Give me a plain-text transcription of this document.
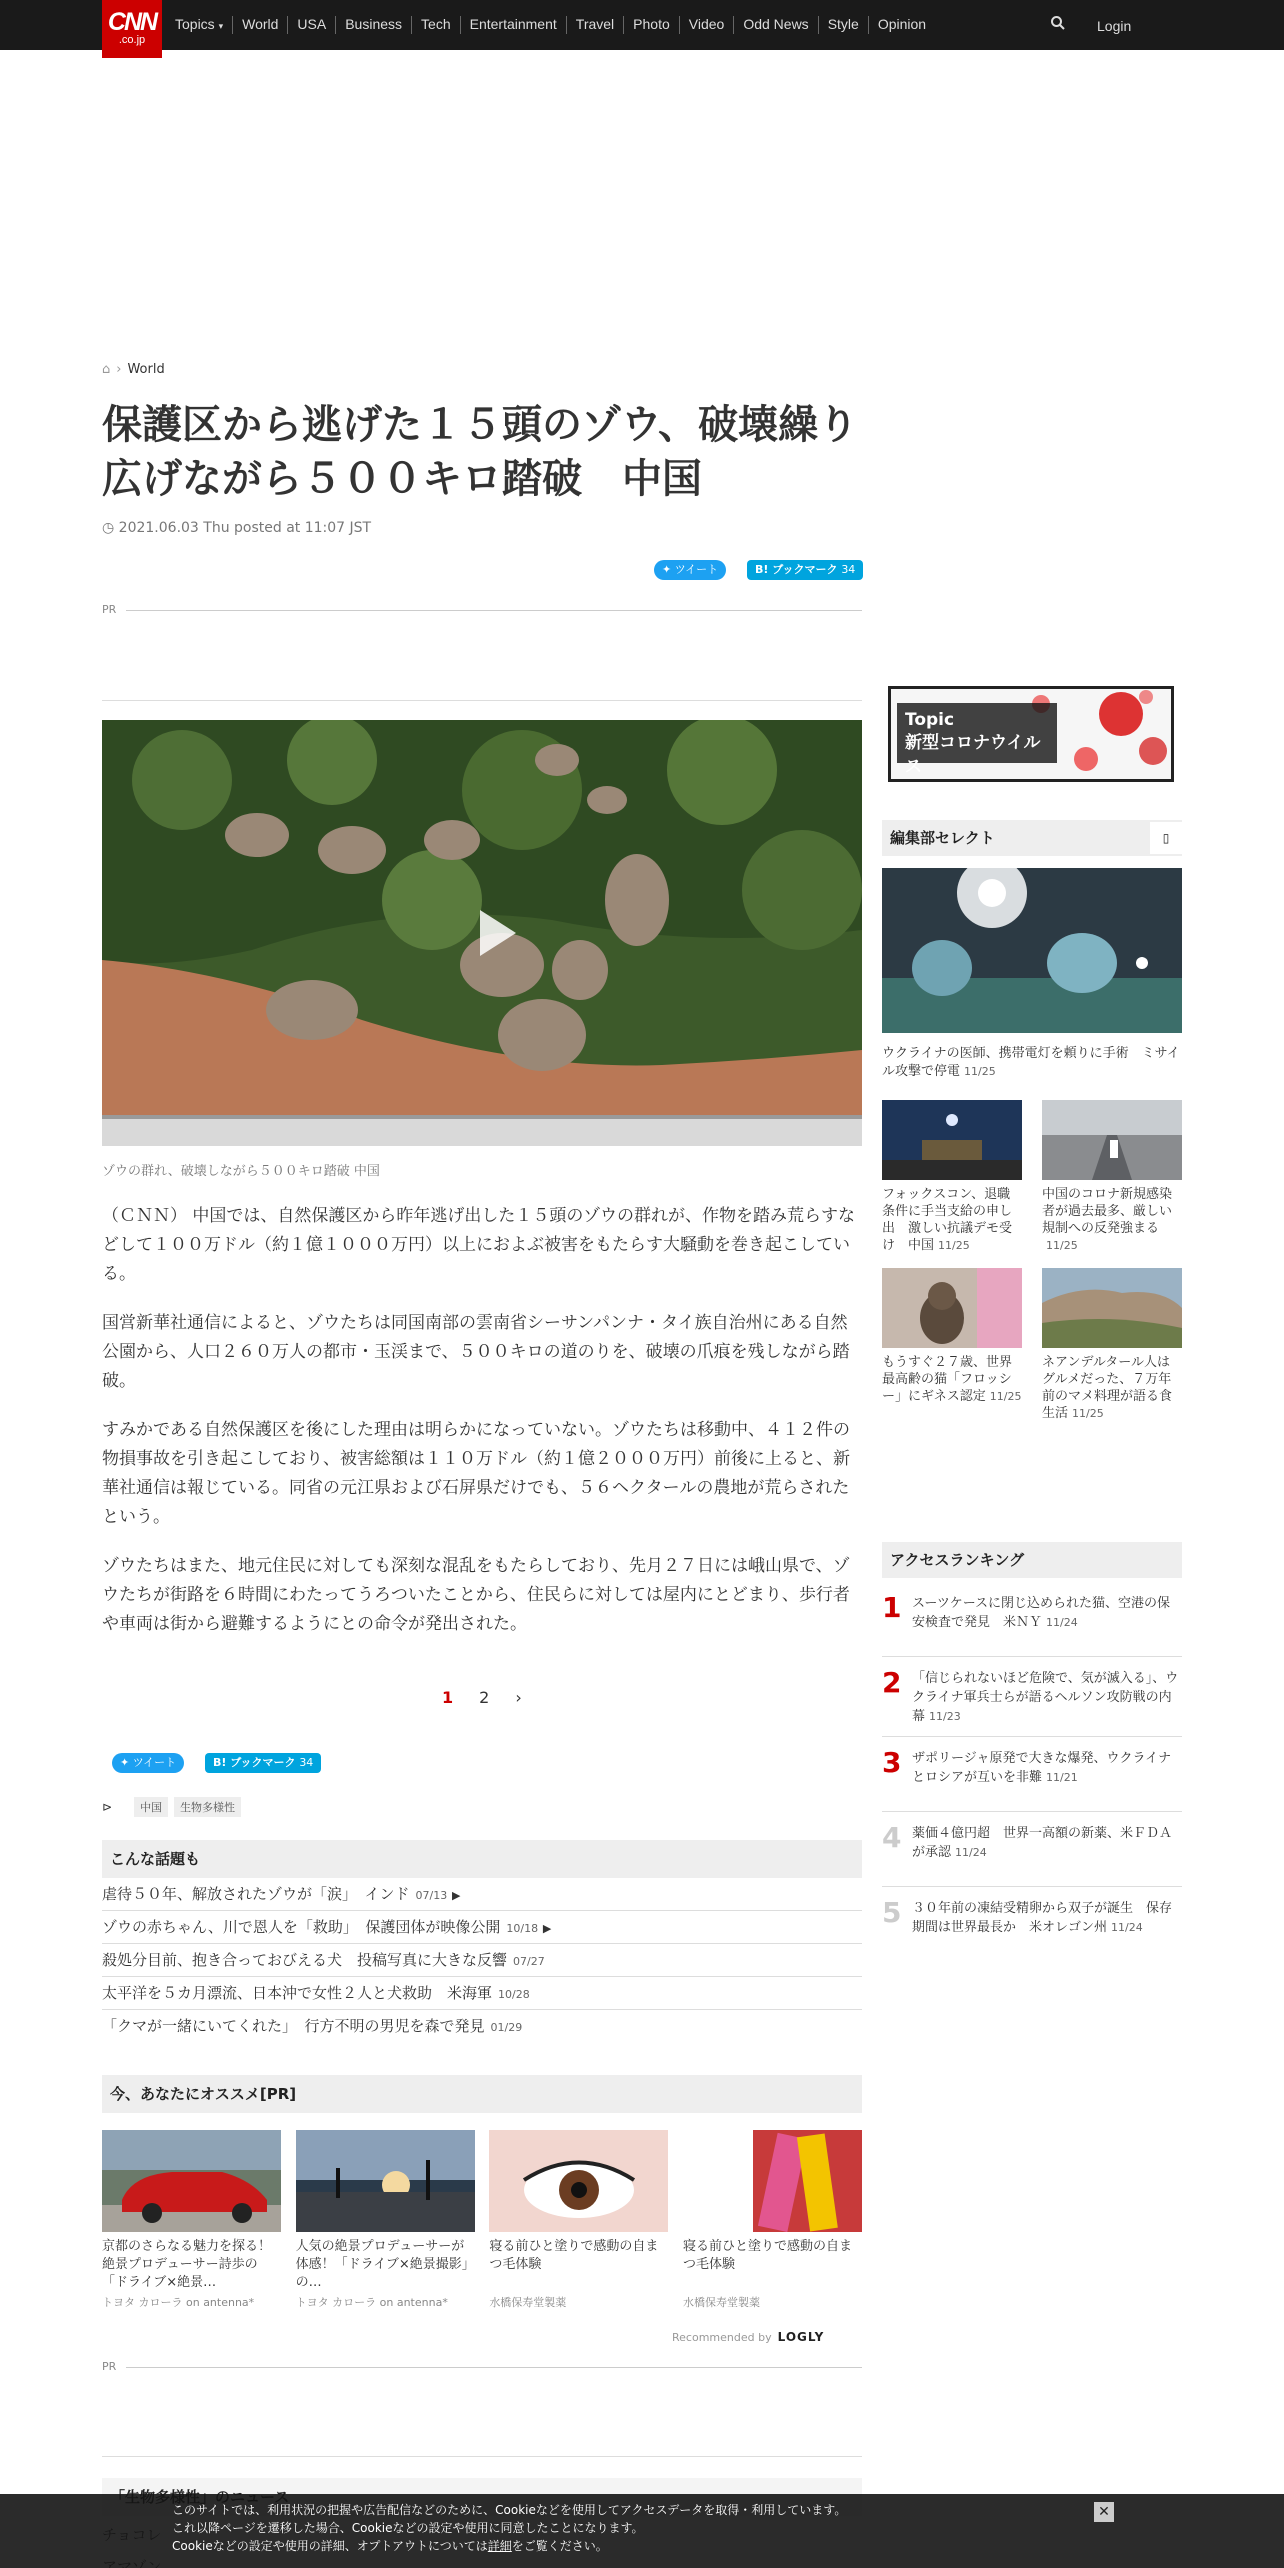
CNN
.co.jp
Topics ▾	World	USA	Business	Tech	Entertainment	Travel	Photo	Video	Odd News	Style	Opinion	Login
⌂ › World
保護区から逃げた１５頭のゾウ、破壊繰り広げながら５００キロ踏破　中国
◷ 2021.06.03 Thu posted at 11:07 JST
✦ ツイート	B! ブックマーク 34
PR
ゾウの群れ、破壊しながら５００キロ踏破 中国

（ＣＮＮ） 中国では、自然保護区から昨年逃げ出した１５頭のゾウの群れが、作物を踏み荒らすなどして１００万ドル（約１億１０００万円）以上におよぶ被害をもたらす大騒動を巻き起こしている。

国営新華社通信によると、ゾウたちは同国南部の雲南省シーサンパンナ・タイ族自治州にある自然公園から、人口２６０万人の都市・玉渓まで、５００キロの道のりを、破壊の爪痕を残しながら踏破。

すみかである自然保護区を後にした理由は明らかになっていない。ゾウたちは移動中、４１２件の物損事故を引き起こしており、被害総額は１１０万ドル（約１億２０００万円）前後に上ると、新華社通信は報じている。同省の元江県および石屏県だけでも、５６ヘクタールの農地が荒らされたという。

ゾウたちはまた、地元住民に対しても深刻な混乱をもたらしており、先月２７日には峨山県で、ゾウたちが街路を６時間にわたってうろついたことから、住民らに対しては屋内にとどまり、歩行者や車両は街から避難するようにとの命令が発出された。

1 2 ›
✦ ツイート	B! ブックマーク 34
⊳	中国	生物多様性
こんな話題も
虐待５０年、解放されたゾウが「涙」　インド 07/13 ▶
ゾウの赤ちゃん、川で恩人を「救助」　保護団体が映像公開 10/18 ▶
殺処分目前、抱き合っておびえる犬　投稿写真に大きな反響 07/27
太平洋を５カ月漂流、日本沖で女性２人と犬救助　米海軍 10/28
「クマが一緒にいてくれた」　行方不明の男児を森で発見 01/29
今、あなたにオススメ[PR]
京都のさらなる魅力を探る！絶景プロデューサー詩歩の「ドライブ×絶景…
トヨタ カローラ on antenna*
人気の絶景プロデューサーが体感！「ドライブ×絶景撮影」の…
トヨタ カローラ on antenna*
寝る前ひと塗りで感動の自まつ毛体験
水橋保寿堂製薬
寝る前ひと塗りで感動の自まつ毛体験
水橋保寿堂製薬
Recommended by LOGLY
PR
Topic
新型コロナウイルス
編集部セレクト	▯
ウクライナの医師、携帯電灯を頼りに手術　ミサイル攻撃で停電 11/25
フォックスコン、退職条件に手当支給の申し出　激しい抗議デモ受け　中国 11/25
中国のコロナ新規感染者が過去最多、厳しい規制への反発強まる11/25
もうすぐ２７歳、世界最高齢の猫「フロッシー」にギネス認定 11/25
ネアンデルタール人はグルメだった、７万年前のマメ料理が語る食生活 11/25
アクセスランキング
1 スーツケースに閉じ込められた猫、空港の保安検査で発見　米ＮＹ 11/24
2 「信じられないほど危険で、気が滅入る」、ウクライナ軍兵士らが語るヘルソン攻防戦の内幕 11/23
3 ザポリージャ原発で大きな爆発、ウクライナとロシアが互いを非難 11/21
4 薬価４億円超　世界一高額の新薬、米ＦＤＡが承認 11/24
5 ３０年前の凍結受精卵から双子が誕生　保存期間は世界最長か　米オレゴン州 11/24
このサイトでは、利用状況の把握や広告配信などのために、Cookieなどを使用してアクセスデータを取得・利用しています。
これ以降ページを遷移した場合、Cookieなどの設定や使用に同意したことになります。
Cookieなどの設定や使用の詳細、オプトアウトについては詳細をご覧ください。
✕
